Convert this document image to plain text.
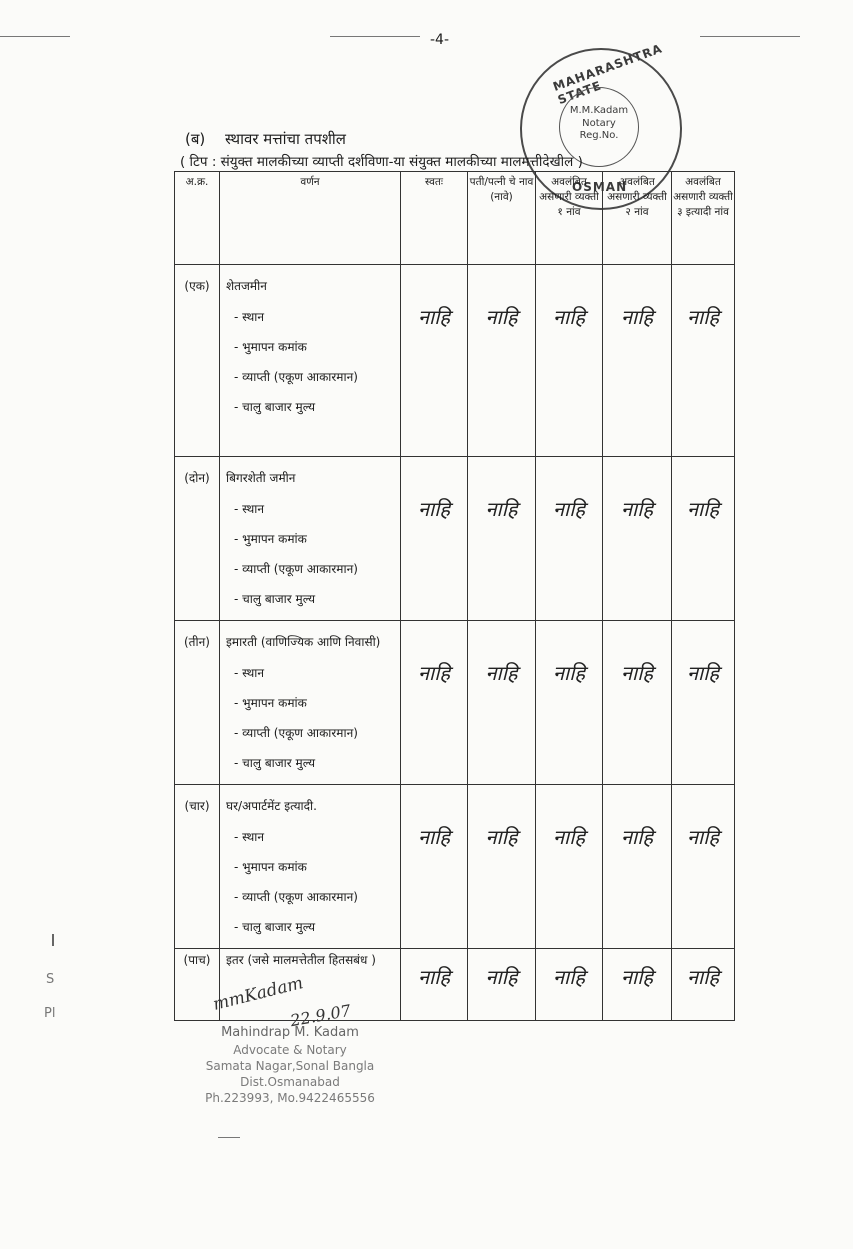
-4-
MAHARASHTRA STATE
M.M.Kadam
Notary
Reg.No.
OSMAN
(ब) स्थावर मत्तांचा तपशील
( टिप : संयुक्त मालकीच्या व्याप्ती दर्शविणा-या संयुक्त मालकीच्या मालमत्तीदेखील )
अ.क्र.	वर्णन	स्वतः	पती/पत्नी चे नाव (नावे)	अवलंबित असणारी व्यक्ती १ नांव	अवलंबित असणारी व्यक्ती २ नांव	अवलंबित असणारी व्यक्ती ३ इत्यादी नांव
(एक)	शेतजमीन
- स्थान
- भुमापन कमांक
- व्याप्ती (एकूण आकारमान)
- चालु बाजार मुल्य	नाहि	नाहि	नाहि	नाहि	नाहि
(दोन)	बिगरशेती जमीन
- स्थान
- भुमापन कमांक
- व्याप्ती (एकूण आकारमान)
- चालु बाजार मुल्य	नाहि	नाहि	नाहि	नाहि	नाहि
(तीन)	इमारती (वाणिज्यिक आणि निवासी)
- स्थान
- भुमापन कमांक
- व्याप्ती (एकूण आकारमान)
- चालु बाजार मुल्य	नाहि	नाहि	नाहि	नाहि	नाहि
(चार)	घर/अपार्टमेंट इत्यादी.
- स्थान
- भुमापन कमांक
- व्याप्ती (एकूण आकारमान)
- चालु बाजार मुल्य	नाहि	नाहि	नाहि	नाहि	नाहि
(पाच)	इतर (जसे मालमत्तेतील हितसबंध )	नाहि	नाहि	नाहि	नाहि	नाहि
S
Pl	mmKadam
22.9.07
Mahindrap M. Kadam
Advocate & Notary
Samata Nagar,Sonal Bangla
Dist.Osmanabad
Ph.223993, Mo.9422465556
